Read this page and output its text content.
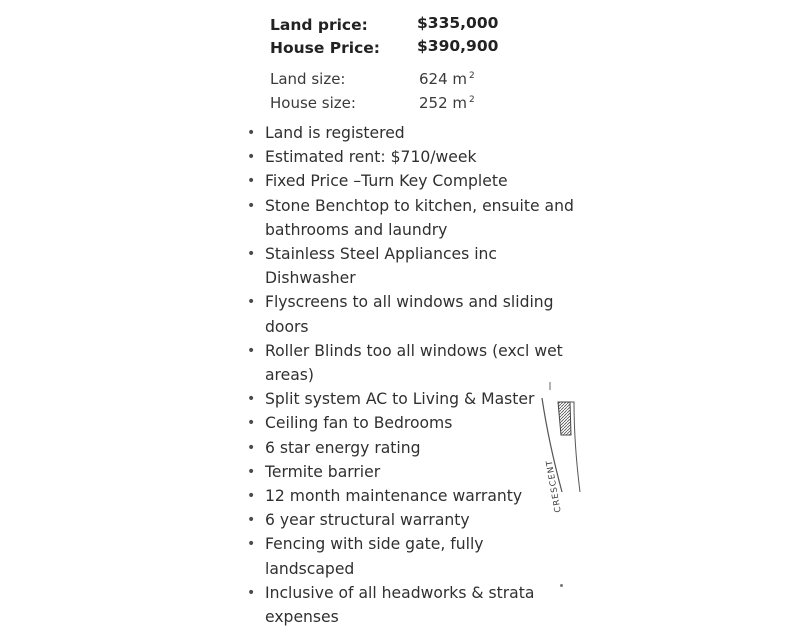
Land price:	$335,000
House Price: $390,900
Land size:	624 m $^2$
House size:	252 m $^2$
• Land is registered
• Estimated rent: $710/week
• Fixed Price –Turn Key Complete
• Stone Benchtop to kitchen, ensuite and bathrooms and laundry
• Stainless Steel Appliances inc Dishwasher
• Flyscreens to all windows and sliding doors
• Roller Blinds too all windows (excl wet areas)
• Split system AC to Living & Master
• Ceiling fan to Bedrooms
• 6 star energy rating
• Termite barrier
• 12 month maintenance warranty
• 6 year structural warranty
• Fencing with side gate, fully landscaped
• Inclusive of all headworks & strata expenses
CRESCENT
